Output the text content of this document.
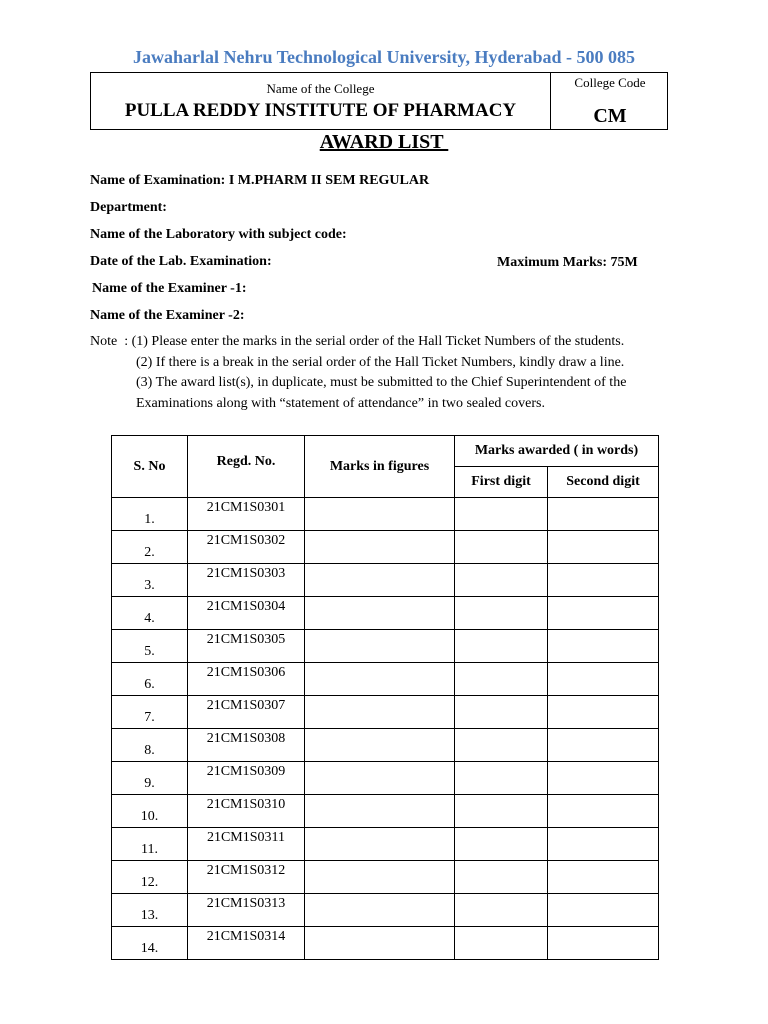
Jawaharlal Nehru Technological University, Hyderabad - 500 085
Name of the College
PULLA REDDY INSTITUTE OF PHARMACY
College Code
CM
AWARD LIST
Name of Examination: I M.PHARM II SEM REGULAR
Department:
Name of the Laboratory with subject code:
Date of the Lab. Examination:	Maximum Marks: 75M
Name of the Examiner -1:
Name of the Examiner -2:
Note  : (1) Please enter the marks in the serial order of the Hall Ticket Numbers of the students.
(2) If there is a break in the serial order of the Hall Ticket Numbers, kindly draw a line.
(3) The award list(s), in duplicate, must be submitted to the Chief Superintendent of the
Examinations along with “statement of attendance” in two sealed covers.
S. No	Regd. No.	Marks in figures	Marks awarded ( in words)	
			First digit	Second digit
1.	21CM1S0301			
2.	21CM1S0302			
3.	21CM1S0303			
4.	21CM1S0304			
5.	21CM1S0305			
6.	21CM1S0306			
7.	21CM1S0307			
8.	21CM1S0308			
9.	21CM1S0309			
10.	21CM1S0310			
11.	21CM1S0311			
12.	21CM1S0312			
13.	21CM1S0313			
14.	21CM1S0314			
